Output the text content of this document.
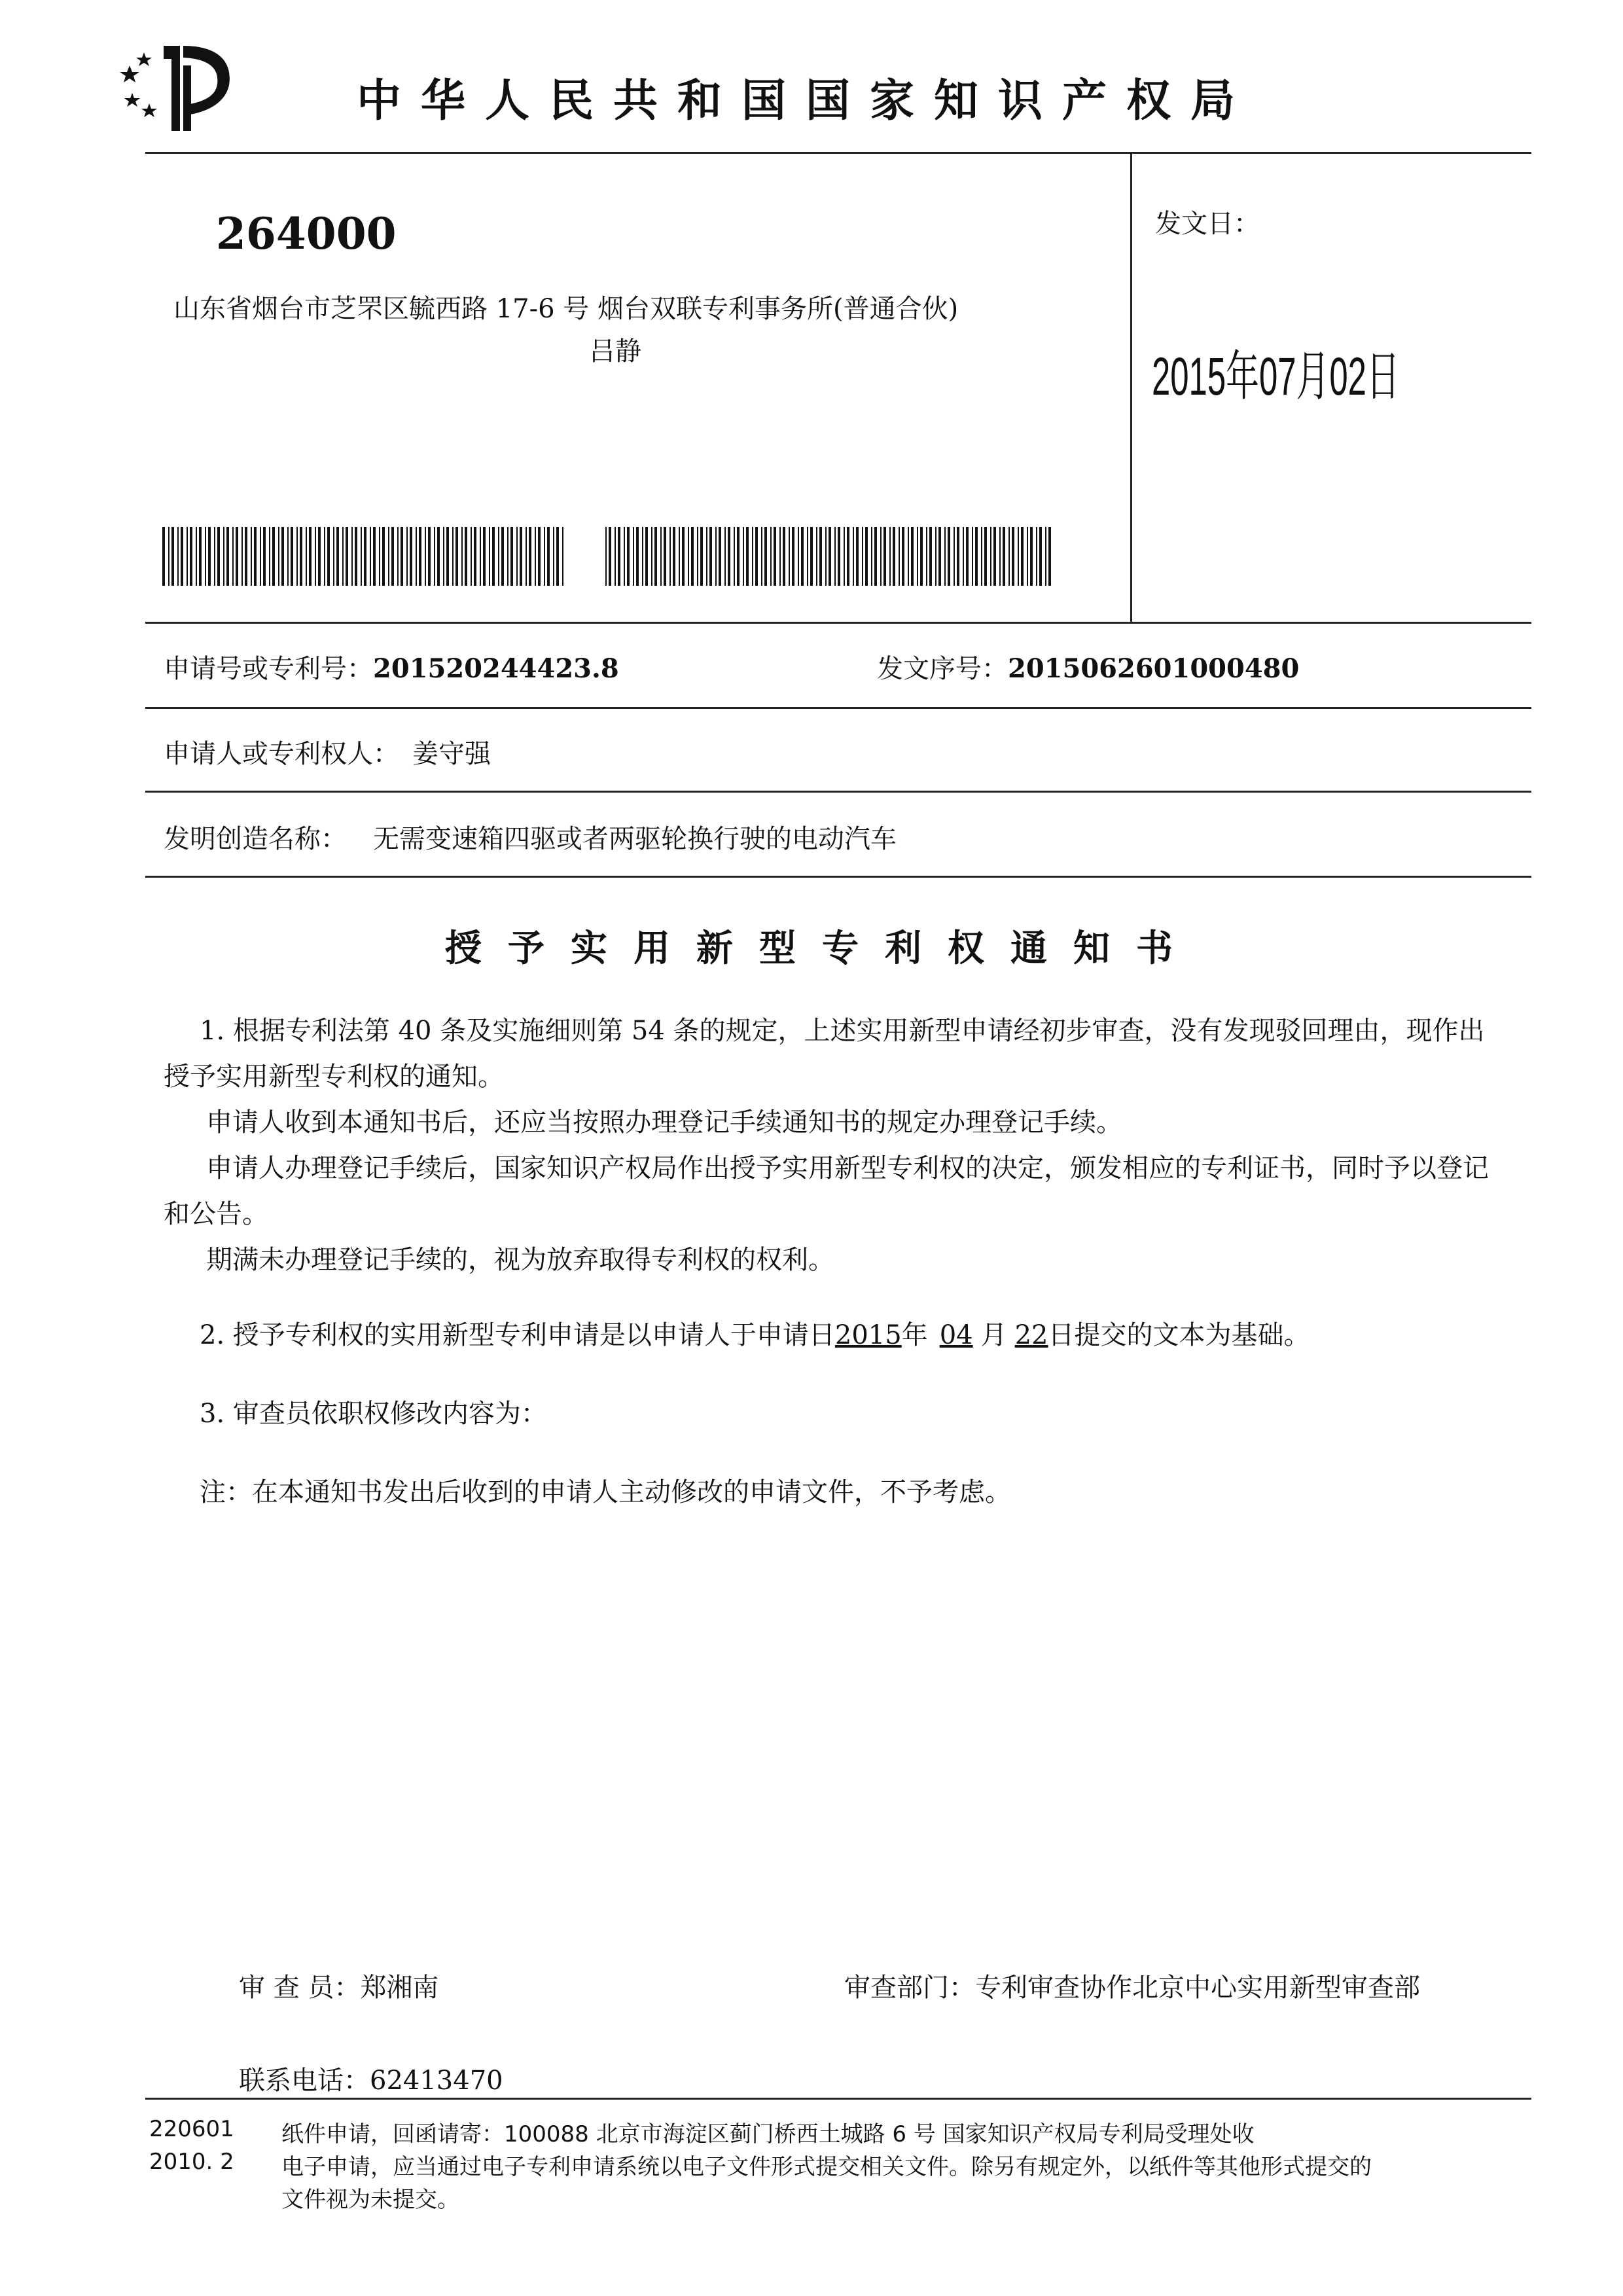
中华人民共和国国家知识产权局
264000
山东省烟台市芝罘区毓西路 17-6 号 烟台双联专利事务所(普通合伙)
吕静
发文日：
2015年07月02日
申请号或专利号：201520244423.8	发文序号：2015062601000480
申请人或专利权人： 姜守强
发明创造名称： 无需变速箱四驱或者两驱轮换行驶的电动汽车
授予实用新型专利权通知书
1. 根据专利法第 40 条及实施细则第 54 条的规定，上述实用新型申请经初步审查，没有发现驳回理由，现作出授予实用新型专利权的通知。
申请人收到本通知书后，还应当按照办理登记手续通知书的规定办理登记手续。
申请人办理登记手续后，国家知识产权局作出授予实用新型专利权的决定，颁发相应的专利证书，同时予以登记和公告。
期满未办理登记手续的，视为放弃取得专利权的权利。
2. 授予专利权的实用新型专利申请是以申请人于申请日2015年 04 月 22日提交的文本为基础。
3. 审查员依职权修改内容为：
注：在本通知书发出后收到的申请人主动修改的申请文件，不予考虑。
审 查 员：郑湘南	审查部门：专利审查协作北京中心实用新型审查部
联系电话：62413470
220601
2010. 2
纸件申请，回函请寄：100088 北京市海淀区蓟门桥西土城路 6 号 国家知识产权局专利局受理处收
电子申请，应当通过电子专利申请系统以电子文件形式提交相关文件。除另有规定外，以纸件等其他形式提交的
文件视为未提交。
